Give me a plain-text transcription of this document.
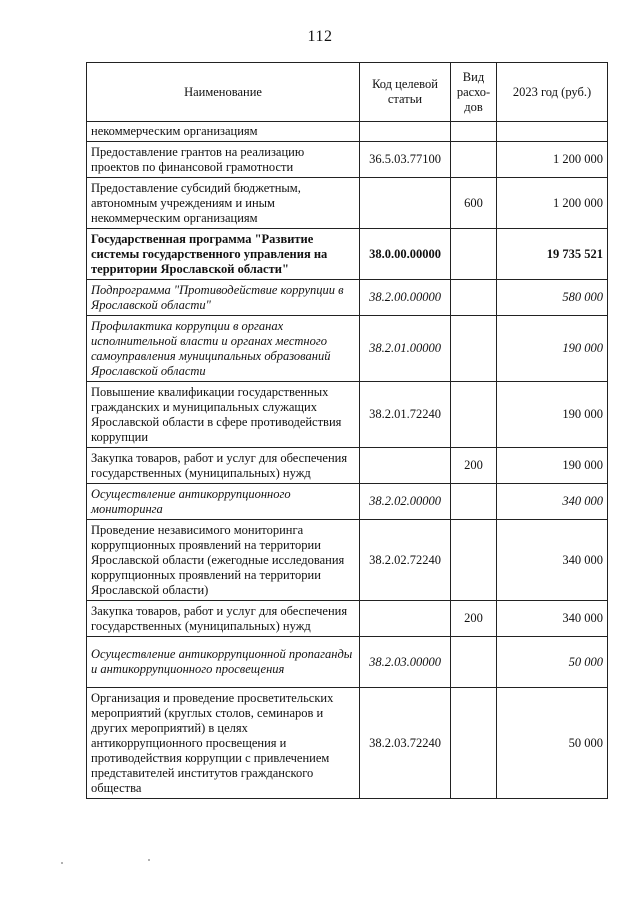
112
Наименование	Код целевой статьи	Вид расхо-дов	2023 год (руб.)
некоммерческим организациям			
Предоставление грантов на реализацию проектов по финансовой грамотности	36.5.03.77100		1 200 000
Предоставление субсидий бюджетным, автономным учреждениям и иным некоммерческим организациям		600	1 200 000
Государственная программа "Развитие системы государственного управления на территории Ярославской области"	38.0.00.00000		19 735 521
Подпрограмма "Противодействие коррупции в Ярославской области"	38.2.00.00000		580 000
Профилактика коррупции в органах исполнительной власти и органах местного самоуправления муниципальных образований Ярославской области	38.2.01.00000		190 000
Повышение квалификации государственных гражданских и муниципальных служащих Ярославской области в сфере противодействия коррупции	38.2.01.72240		190 000
Закупка товаров, работ и услуг для обеспечения государственных (муниципальных) нужд		200	190 000
Осуществление антикоррупционного мониторинга	38.2.02.00000		340 000
Проведение независимого мониторинга коррупционных проявлений на территории Ярославской области (ежегодные исследования коррупционных проявлений на территории Ярославской области)	38.2.02.72240		340 000
Закупка товаров, работ и услуг для обеспечения государственных (муниципальных) нужд		200	340 000
Осуществление антикоррупционной пропаганды и антикоррупционного просвещения	38.2.03.00000		50 000
Организация и проведение просветительских мероприятий (круглых столов, семинаров и других мероприятий) в целях антикоррупционного просвещения и противодействия коррупции с привлечением представителей институтов гражданского общества	38.2.03.72240		50 000
